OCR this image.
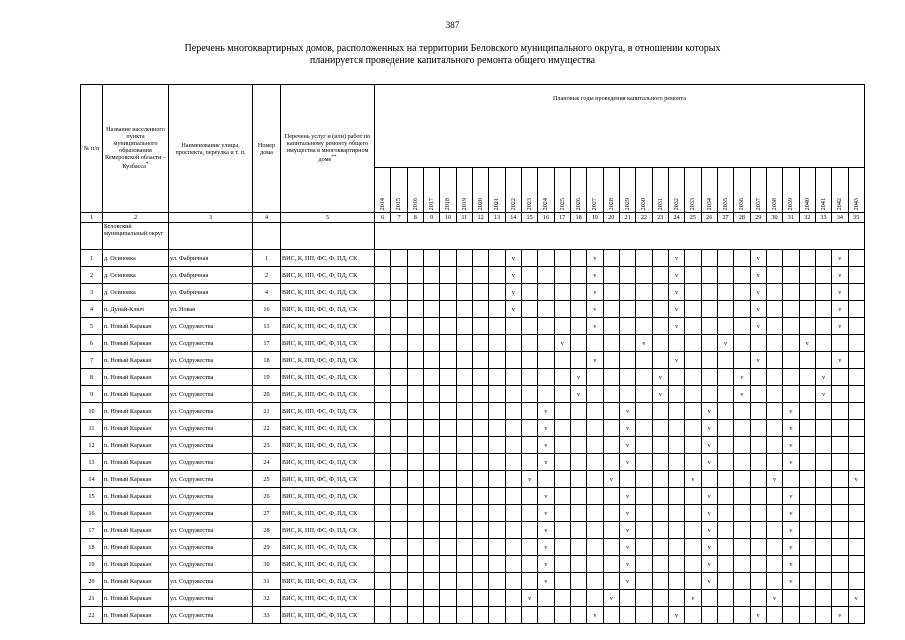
387
Перечень многоквартирных домов, расположенных на территории Беловского муниципального округа, в отношении которых
планируется проведение капитального ремонта общего имущества
№ п/п	Название населенного пункта муниципального образования Кемеровской области – Кузбасса*	Наименование улицы, проспекта, переулка и т. п.	Номер дома	Перечень услуг и (или) работ по капитальному ремонту общего имущества в многоквартирном доме**	Плановые годы проведения капитального ремонта																													
					2014	2015	2016	2017	2018	2019	2020	2021	2022	2023	2024	2025	2026	2027	2028	2029	2030	2031	2032	2033	2034	2035	2036	2037	2038	2039	2040	2041	2042	2043
1	2	3	4	5	6	7	8	9	10	11	12	13	14	15	16	17	18	19	20	21	22	23	24	25	26	27	28	29	30	31	32	33	34	35
	Беловский муниципальный округ																																	
1	д. Осиновка	ул. Фабричная	1	ВИС, К, ПП, ФС, Ф, ПД, СК									v					v					v					v					v	
2	д. Осиновка	ул. Фабричная	2	ВИС, К, ПП, ФС, Ф, ПД, СК									v					v					v					v					v	
3	д. Осиновка	ул. Фабричная	4	ВИС, К, ПП, ФС, Ф, ПД, СК									v					v					v					v					v	
4	п. Дунай-Ключ	ул. Новая	16	ВИС, К, ПП, ФС, Ф, ПД, СК									v					v					v					v					v	
5	п. Новый Каракан	ул. Содружества	13	ВИС, К, ПП, ФС, Ф, ПД, СК														v					v					v					v	
6	п. Новый Каракан	ул. Содружества	17	ВИС, К, ПП, ФС, Ф, ПД, СК												v					v					v					v			
7	п. Новый Каракан	ул. Содружества	18	ВИС, К, ПП, ФС, Ф, ПД, СК														v					v					v					v	
8	п. Новый Каракан	ул. Содружества	19	ВИС, К, ПП, ФС, Ф, ПД, СК													v					v					v					v		
9	п. Новый Каракан	ул. Содружества	20	ВИС, К, ПП, ФС, Ф, ПД, СК													v					v					v					v		
10	п. Новый Каракан	ул. Содружества	21	ВИС, К, ПП, ФС, Ф, ПД, СК											v					v					v					v				
11	п. Новый Каракан	ул. Содружества	22	ВИС, К, ПП, ФС, Ф, ПД, СК											v					v					v					v				
12	п. Новый Каракан	ул. Содружества	23	ВИС, К, ПП, ФС, Ф, ПД, СК											v					v					v					v				
13	п. Новый Каракан	ул. Содружества	24	ВИС, К, ПП, ФС, Ф, ПД, СК											v					v					v					v				
14	п. Новый Каракан	ул. Содружества	25	ВИС, К, ПП, ФС, Ф, ПД, СК										v					v					v					v					v
15	п. Новый Каракан	ул. Содружества	26	ВИС, К, ПП, ФС, Ф, ПД, СК											v					v					v					v				
16	п. Новый Каракан	ул. Содружества	27	ВИС, К, ПП, ФС, Ф, ПД, СК											v					v					v					v				
17	п. Новый Каракан	ул. Содружества	28	ВИС, К, ПП, ФС, Ф, ПД, СК											v					v					v					v				
18	п. Новый Каракан	ул. Содружества	29	ВИС, К, ПП, ФС, Ф, ПД, СК											v					v					v					v				
19	п. Новый Каракан	ул. Содружества	30	ВИС, К, ПП, ФС, Ф, ПД, СК											v					v					v					v				
20	п. Новый Каракан	ул. Содружества	31	ВИС, К, ПП, ФС, Ф, ПД, СК											v					v					v					v				
21	п. Новый Каракан	ул. Содружества	32	ВИС, К, ПП, ФС, Ф, ПД, СК										v					v					v					v					v
22	п. Новый Каракан	ул. Содружества	33	ВИС, К, ПП, ФС, Ф, ПД, СК														v					v					v					v	
